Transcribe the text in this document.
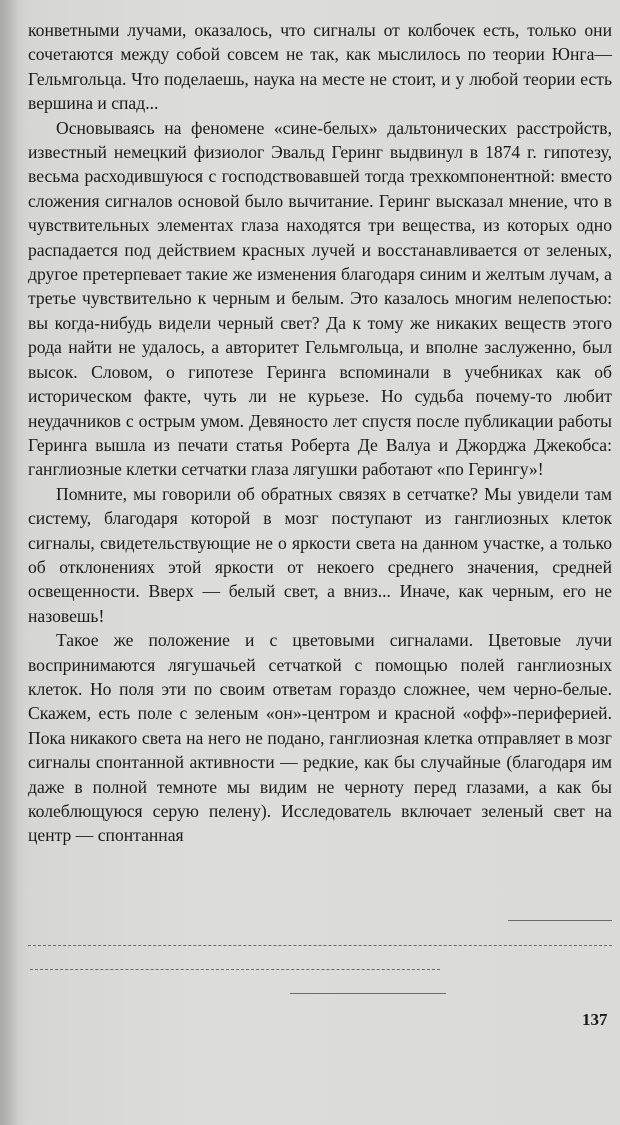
конветными лучами, оказалось, что сигналы от колбочек есть, только они сочетаются между собой совсем не так, как мыслилось по теории Юнга—Гельмгольца. Что поделаешь, наука на месте не стоит, и у любой теории есть вершина и спад...

Основываясь на феномене «сине-белых» дальтонических расстройств, известный немецкий физиолог Эвальд Геринг выдвинул в 1874 г. гипотезу, весьма расходившуюся с господствовавшей тогда трехкомпонентной: вместо сложения сигналов основой было вычитание. Геринг высказал мнение, что в чувствительных элементах глаза находятся три вещества, из которых одно распадается под действием красных лучей и восстанавливается от зеленых, другое претерпевает такие же изменения благодаря синим и желтым лучам, а третье чувствительно к черным и белым. Это казалось многим нелепостью: вы когда-нибудь видели черный свет? Да к тому же никаких веществ этого рода найти не удалось, а авторитет Гельмгольца, и вполне заслуженно, был высок. Словом, о гипотезе Геринга вспоминали в учебниках как об историческом факте, чуть ли не курьезе. Но судьба почему-то любит неудачников с острым умом. Девяносто лет спустя после публикации работы Геринга вышла из печати статья Роберта Де Валуа и Джорджа Джекобса: ганглиозные клетки сетчатки глаза лягушки работают «по Герингу»!

Помните, мы говорили об обратных связях в сетчатке? Мы увидели там систему, благодаря которой в мозг поступают из ганглиозных клеток сигналы, свидетельствующие не о яркости света на данном участке, а только об отклонениях этой яркости от некоего среднего значения, средней освещенности. Вверх — белый свет, а вниз... Иначе, как черным, его не назовешь!

Такое же положение и с цветовыми сигналами. Цветовые лучи воспринимаются лягушачьей сетчаткой с помощью полей ганглиозных клеток. Но поля эти по своим ответам гораздо сложнее, чем черно-белые. Скажем, есть поле с зеленым «он»-центром и красной «офф»-периферией. Пока никакого света на него не подано, ганглиозная клетка отправляет в мозг сигналы спонтанной активности — редкие, как бы случайные (благодаря им даже в полной темноте мы видим не черноту перед глазами, а как бы колеблющуюся серую пелену). Исследователь включает зеленый свет на центр — спонтанная

137
